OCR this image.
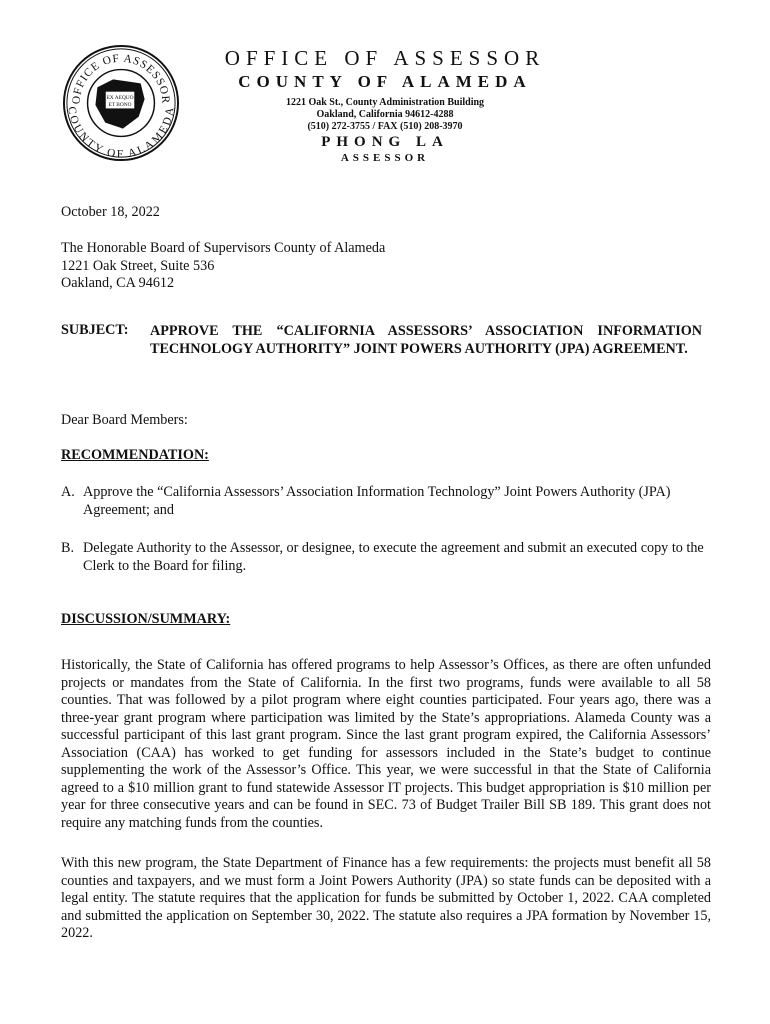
OFFICE OF ASSESSOR
COUNTY OF ALAMEDA
EX AEQUO
ET BONO
OFFICE OF ASSESSOR
COUNTY OF ALAMEDA
1221 Oak St., County Administration Building
Oakland, California 94612-4288
(510) 272-3755 / FAX (510) 208-3970
PHONG LA
ASSESSOR
October 18, 2022
The Honorable Board of Supervisors County of Alameda
1221 Oak Street, Suite 536
Oakland, CA 94612
SUBJECT: APPROVE THE “CALIFORNIA ASSESSORS’ ASSOCIATION INFORMATION TECHNOLOGY AUTHORITY” JOINT POWERS AUTHORITY (JPA) AGREEMENT.
Dear Board Members:
RECOMMENDATION:
A. Approve the “California Assessors’ Association Information Technology” Joint Powers Authority (JPA) Agreement; and
B. Delegate Authority to the Assessor, or designee, to execute the agreement and submit an executed copy to the Clerk to the Board for filing.
DISCUSSION/SUMMARY:
Historically, the State of California has offered programs to help Assessor’s Offices, as there are often unfunded projects or mandates from the State of California. In the first two programs, funds were available to all 58 counties. That was followed by a pilot program where eight counties participated. Four years ago, there was a three-year grant program where participation was limited by the State’s appropriations. Alameda County was a successful participant of this last grant program. Since the last grant program expired, the California Assessors’ Association (CAA) has worked to get funding for assessors included in the State’s budget to continue supplementing the work of the Assessor’s Office. This year, we were successful in that the State of California agreed to a $10 million grant to fund statewide Assessor IT projects. This budget appropriation is $10 million per year for three consecutive years and can be found in SEC. 73 of Budget Trailer Bill SB 189. This grant does not require any matching funds from the counties.
With this new program, the State Department of Finance has a few requirements: the projects must benefit all 58 counties and taxpayers, and we must form a Joint Powers Authority (JPA) so state funds can be deposited with a legal entity. The statute requires that the application for funds be submitted by October 1, 2022. CAA completed and submitted the application on September 30, 2022. The statute also requires a JPA formation by November 15, 2022.
